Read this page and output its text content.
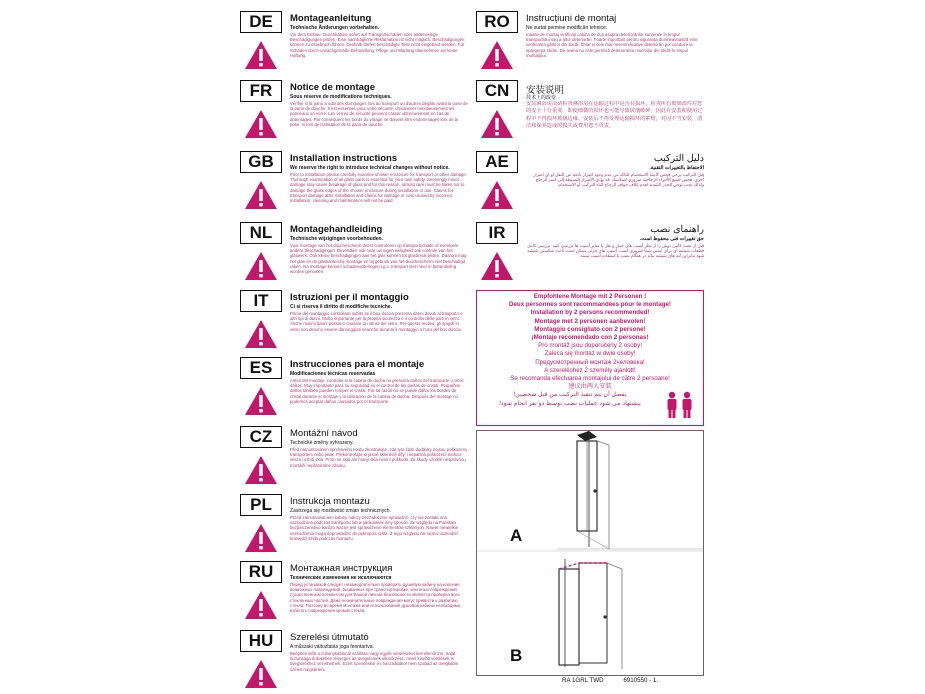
DE	Montageanleitung
Technische Änderungen vorbehalten.
Vor dem Einbau: Duschkabine sofort auf Transportschäden oder anderweitige Beschädigungen prüfen. Eine nachträgliche Reklamation ist nicht möglich. Beschädigungen können zu Glasbruch führen. Deshalb dürfen beschädigte Teile nicht eingebaut werden. Für Schäden durch unsachgemäße Behandlung, Pflege und Wartung übernehmen wir keine Haftung.
FR	Notice de montage
Sous réserve de modifications techniques.
Vérifier si la paroi a subi des dommages lors du transport ou d'autres dégâts avant la pose de la paroi de douche. Il est essentiel, pour votre sécurité, d'examiner minutieusement les panneaux en verre. Les verres de sécurité peuvent casser ultérieurement en cas de dommages. Par conséquent les bords du vitrage ne doivent être endommagés lors de la pose, ni lors de l'utilisation de la paroi de douche.
GB	Installation instructions
We reserve the right to introduce technical changes without notice.
Prior to installation please carefully examine shower enclosure for transport or other damage. Thorough examination of all glass parts is essential for your own safety. Seemingly minor damage may cause breakage of glass and for this reason, utmost care must be taken not to damage the glass edges of the shower enclosure during installation or use. Claims for transport damage after installation and claims for damage or cost caused by incorrect installation, cleaning and maintenance will not be paid.
NL	Montagehandleiding
Technische wijzigingen voorbehouden.
Voor montage van het douchescherm direct controleren op transportschade of eventuele andere beschadigingen. Bovendien ook naar uw eigen veiligheid ook controle van het glaswerk. Ook kleine beschadigingen aan het glas kunnen tot glasbreuk leiden. Daarom mag het glas en de glaskanten bij montage en bij gebruik van het douchescherm niet beschadigd raken. Na montage kunnen schadevorderingen t.g.v. transport niet meer in behandeling worden genomen.
IT	Istruzioni per il montaggio
Ci si riserva il diritto di modifiche tecniche.
Prima del montaggio controllare subito se il box doccia presenta danni dovuti al trasporto o altri tipi di danni. Molto importante per la propria sicurezza è il controllo delle parti in vetro. Anche minimi danni possono causare la rottura del vetro. Per questo motivo, gli spigoli in vetro non devono essere danneggiati neanche durante il montaggio o l'uso del box doccia.
ES	Instrucciones para el montaje
Modificaciones técnicas reservadas
Antes del montaje, controlar si la cabina de ducha no presenta daños del transporte u otros daños. Muy importante para su seguridad es el control de las piezas de cristal. Pequeños daños también pueden romper el cristal. Por tal razón no se puede dañar los bordes de cristal durante el montaje y la utilización de la cabina de ducha. Después del montaje no podemos aceptar daños causados por el transporte.
CZ	Montážní návod
Technické změny vyhrazeny.
Před namontováním sprchového koutu zkontrolujte, zda tyto části dodávky nejsou poškozeny transportem nebo jinak. Překontrolujte si jasně skleněné díly, i nepatrná poškození mohou vést k rozbití skla. Proto se skla ani hrany skla nesmí poškodit. Za škody vzniklé nesprávnou montáží nepřebíráme záruku.
PL	Instrukcja montażu
Zastrzega się możliwość zmian technicznych.
Przed zamontowaniem kabiny należy bezzwłocznie sprawdzić, czy nie została ona uszkodzona podczas transportu lub w jakikolwiek inny sposób. Ze względu na Państwa bezpieczeństwo bardzo ważne jest sprawdzenie elementów szklanych. Nawet niewielkie uszkodzenia mogą doprowadzić do pęknięcia szkła. Z tego względu nie wolno uszkodzić krawędzi szkła podczas montażu.
RU	Монтажная инструкция
Технические изменения не исключаются
Перед установкой следует незамедлительно проверить душевую кабину на наличие возможных повреждений, вызванных при транспортировке, или иных повреждений. Существенным элементом для Вашей личной безопасности является проверка всех стеклянных частей. Даже незначительные повреждения могут привести к разбитию стекла. Поэтому во время монтажа или использования душевой кабины необходимо избегать повреждения кромок стекла.
HU	Szerelési útmutató
A műszaki változtatás joga fenntartva.
Beépítés előtt a zuhanykabinnál szállítási vagy egyéb sérüléseket kell ellenőrizni. Saját biztonsága érdekében lényeges az üvegelemek ellenőrzése, mivel kisebb sérülések is üvegtöréshez vezethetnek. Ezért szereléskor és használatkor nem szabad az üvegkabin széleit megsérteni.
RO	Instrucțiuni de montaj
Ne surtat permise modificări tehnice.
Inainte de montaj verificați cabina de duș asupra deteriorărilor survenite în timpul transportului sau a altor deteriorări. Foarte important pentru siguranța dumneavoastră este verificarea părților din sticlă. Chiar și cele mai nesemnificative deteriorări pot conduce la spargerea sticlei. De aceea nu este permisă deteriorarea muchiilor din sticlă în timpul montajului.
CN	安装说明
技术上的改变
安装淋浴房前请检查淋浴房在运输过程中是否有损坏。检查所有玻璃部件对您的安全十分重要。即使细微的损坏也可能导致玻璃破碎。因此在安装和使用过程中不得损坏玻璃边缘。安装后不再受理运输损坏的索赔，对因不当安装、清洁和保养造成的损失或费用恕不负责。
AE	دليل التركيب
الاحتفاظ بالتغييرات التقنية.
قبل التركيب يرجى فحص كابينة الاستحمام للتأكد من عدم وجود أضرار ناتجة عن النقل أو أي أضرار أخرى. فحص جميع الأجزاء الزجاجية ضروري لسلامتك. قد تؤدي الأضرار البسيطة إلى كسر الزجاج ولذلك يجب توخي الحذر الشديد لعدم إتلاف حواف الزجاج أثناء التركيب أو الاستخدام.
IR	راهنمای نصب
حق تغییرات فنی محفوظ است.
قبل از نصب کابین دوش را از نظر آسیب های حمل و نقل یا سایر آسیب ها بررسی کنید. بررسی کامل قطعات شیشه ای برای ایمنی شما ضروری است. آسیب های جزئی ممکن است باعث شکستن شیشه شود بنابراین لبه های شیشه نباید در هنگام نصب یا استفاده آسیب ببینند.
Empfohlene Montage mit 2 Personen !
Deux personnes sont recommandées pour le montage!
Installation by 2 persons recommended!
Montage met 2 personen aanbevolen!
Montaggio consigliato con 2 persone!
¡Montaje recomendado con 2 personas!
Pro montáž jsou doporučeny 2 osoby!
Zaleca się montaż w dwie osoby!
Предусмотренный монтаж 2человека!
A szereléshez 2 személy ajánlott!
Se recomanda efectuarea montajului de către 2 persoane!
建议由两人安装
يفضل أن يتم تنفيذ التركيب من قبل شخصين!
پیشنهاد می شود عملیات نصب توسط دو نفر انجام شود!
A
B
RA 1GRL TWD	6910550 - 1.
